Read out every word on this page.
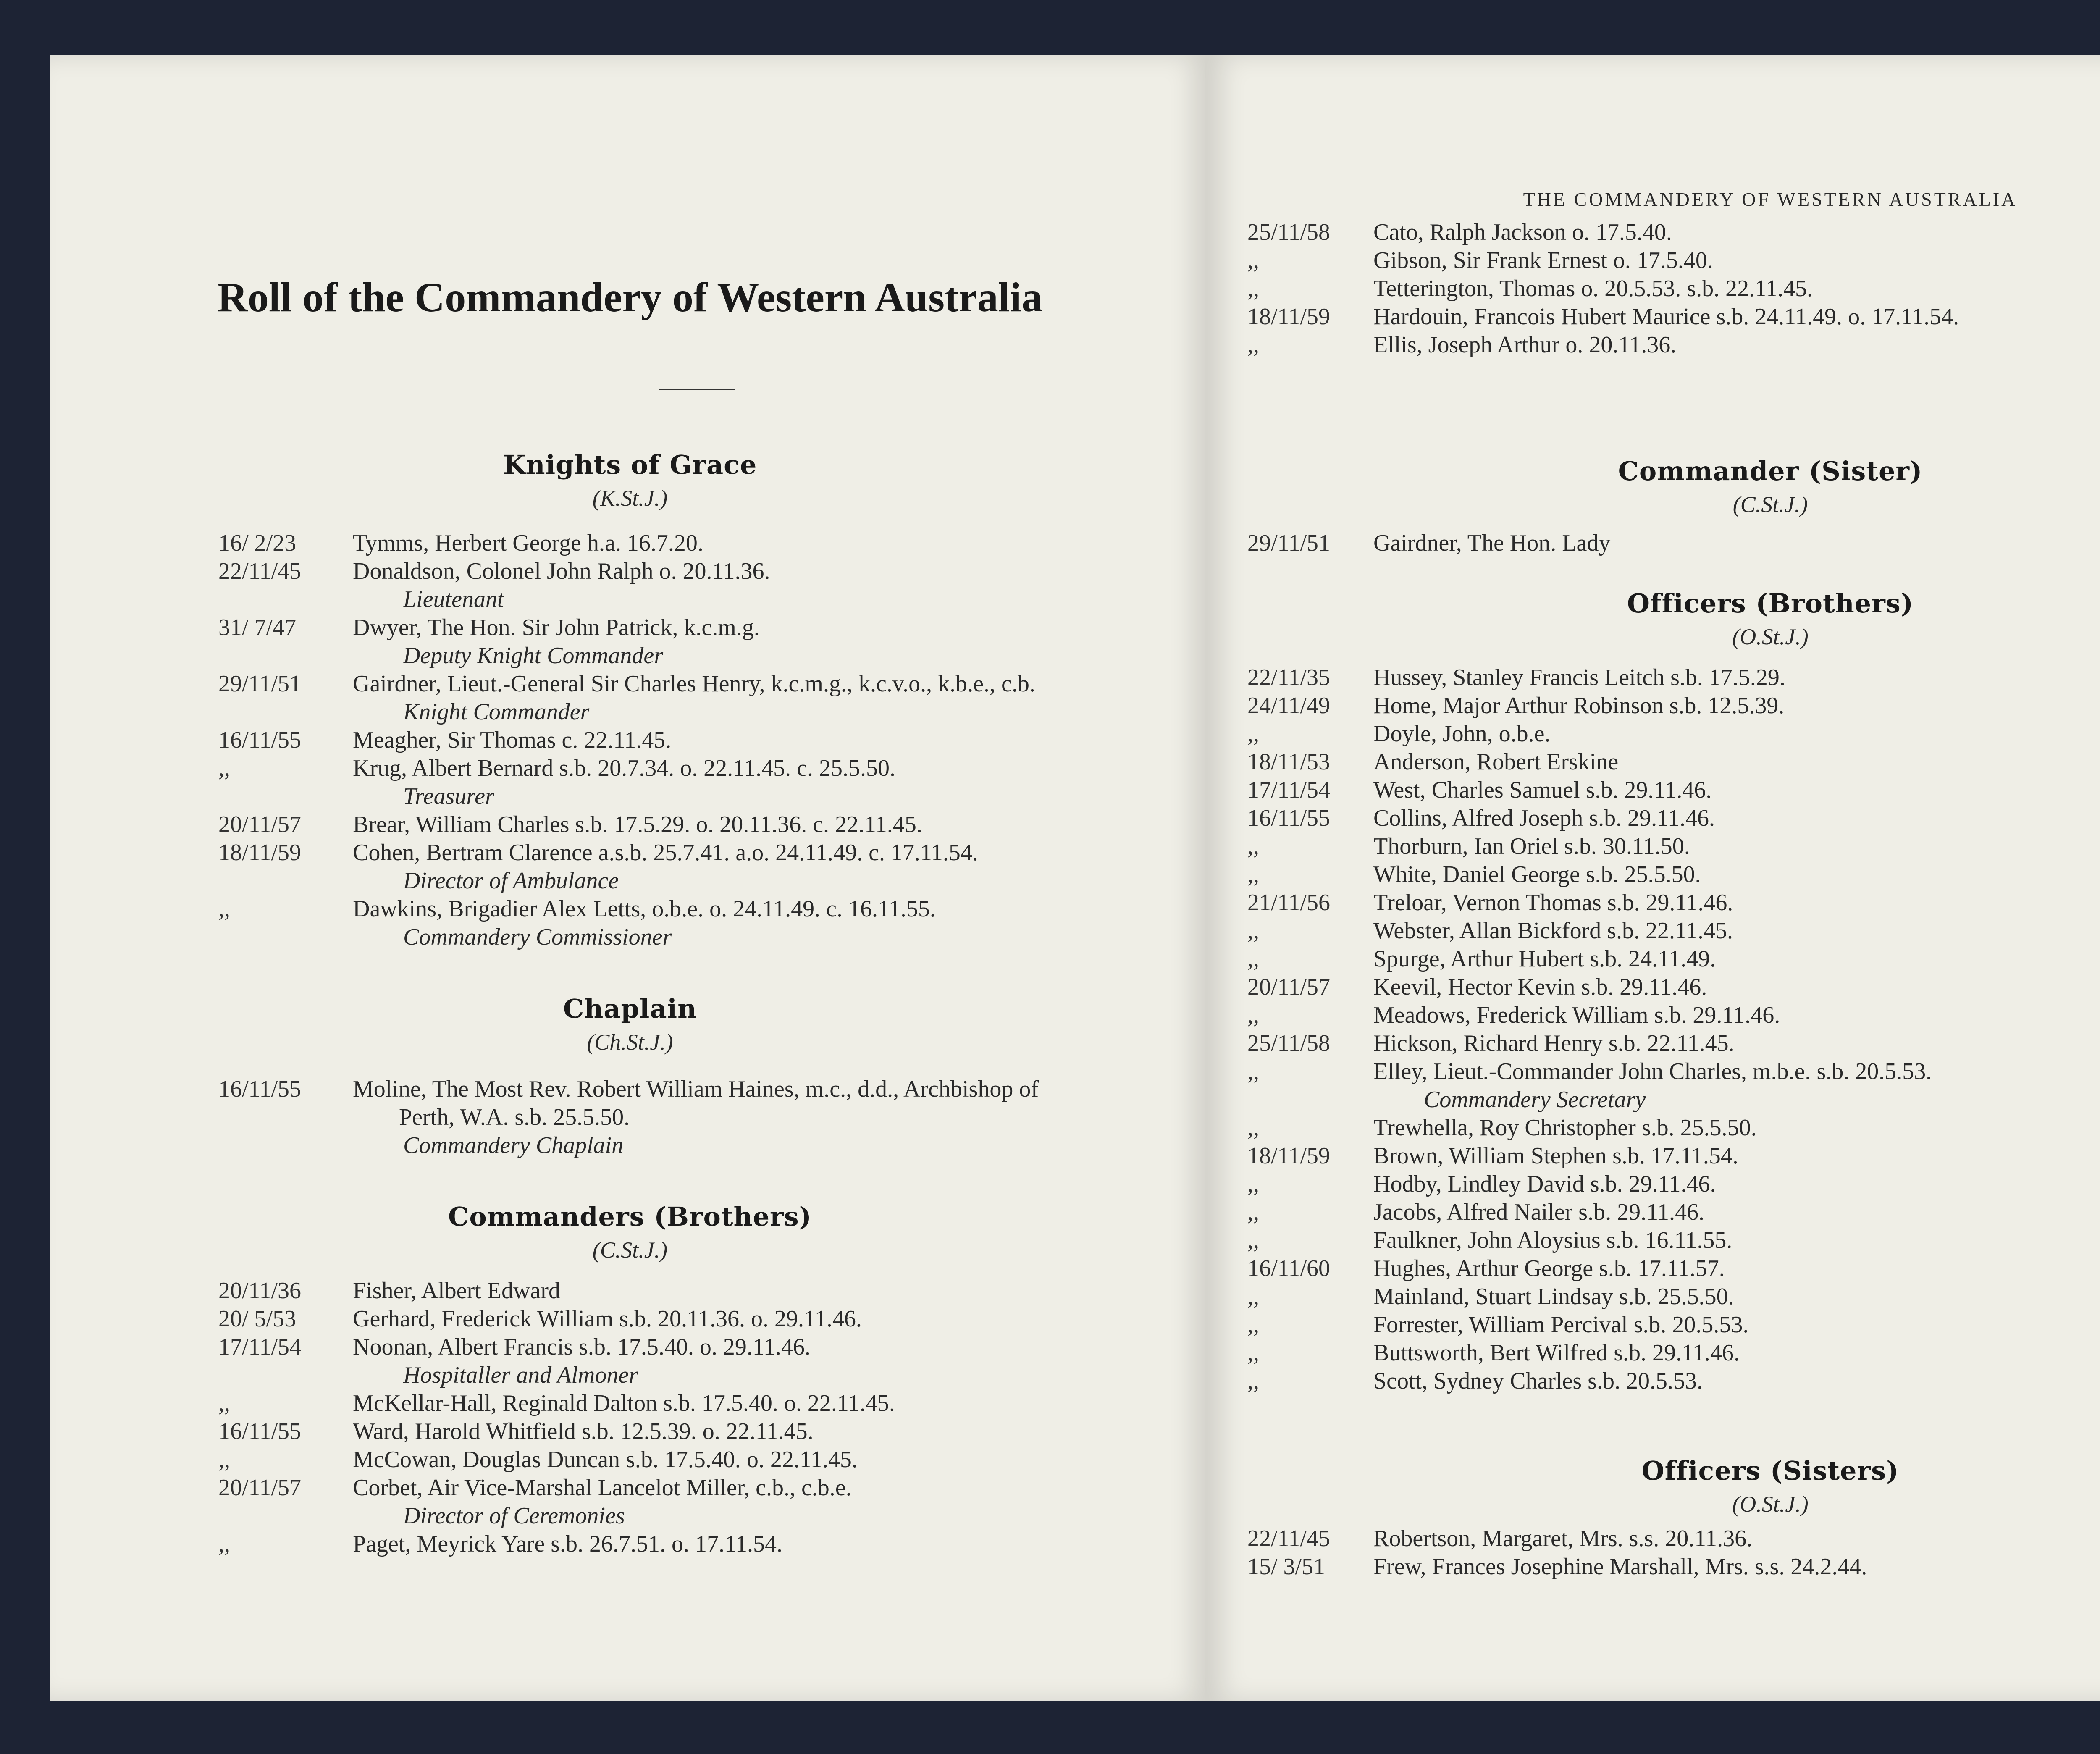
Roll of the Commandery of Western Australia
Knights of Grace
(K.St.J.)
16/ 2/23 Tymms, Herbert George h.a. 16.7.20.
22/11/45 Donaldson, Colonel John Ralph o. 20.11.36.
Lieutenant
31/ 7/47 Dwyer, The Hon. Sir John Patrick, k.c.m.g.
Deputy Knight Commander
29/11/51 Gairdner, Lieut.-General Sir Charles Henry, k.c.m.g., k.c.v.o., k.b.e., c.b.
Knight Commander
16/11/55 Meagher, Sir Thomas c. 22.11.45.
,,	Krug, Albert Bernard s.b. 20.7.34. o. 22.11.45. c. 25.5.50.
Treasurer
20/11/57 Brear, William Charles s.b. 17.5.29. o. 20.11.36. c. 22.11.45.
18/11/59 Cohen, Bertram Clarence a.s.b. 25.7.41. a.o. 24.11.49. c. 17.11.54.
Director of Ambulance
,,	Dawkins, Brigadier Alex Letts, o.b.e. o. 24.11.49. c. 16.11.55.
Commandery Commissioner
Chaplain
(Ch.St.J.)
16/11/55 Moline, The Most Rev. Robert William Haines, m.c., d.d., Archbishop of
Perth, W.A. s.b. 25.5.50.
Commandery Chaplain
Commanders (Brothers)
(C.St.J.)
20/11/36 Fisher, Albert Edward
20/ 5/53 Gerhard, Frederick William s.b. 20.11.36. o. 29.11.46.
17/11/54 Noonan, Albert Francis s.b. 17.5.40. o. 29.11.46.
Hospitaller and Almoner
,,	McKellar-Hall, Reginald Dalton s.b. 17.5.40. o. 22.11.45.
16/11/55 Ward, Harold Whitfield s.b. 12.5.39. o. 22.11.45.
,,	McCowan, Douglas Duncan s.b. 17.5.40. o. 22.11.45.
20/11/57 Corbet, Air Vice-Marshal Lancelot Miller, c.b., c.b.e.
Director of Ceremonies
,,	Paget, Meyrick Yare s.b. 26.7.51. o. 17.11.54.
THE COMMANDERY OF WESTERN AUSTRALIA
25/11/58 Cato, Ralph Jackson o. 17.5.40.
,,	Gibson, Sir Frank Ernest o. 17.5.40.
,,	Tetterington, Thomas o. 20.5.53. s.b. 22.11.45.
18/11/59 Hardouin, Francois Hubert Maurice s.b. 24.11.49. o. 17.11.54.
,,	Ellis, Joseph Arthur o. 20.11.36.
Commander (Sister)
(C.St.J.)
29/11/51 Gairdner, The Hon. Lady
Officers (Brothers)
(O.St.J.)
22/11/35 Hussey, Stanley Francis Leitch s.b. 17.5.29.
24/11/49 Home, Major Arthur Robinson s.b. 12.5.39.
,,	Doyle, John, o.b.e.
18/11/53 Anderson, Robert Erskine
17/11/54 West, Charles Samuel s.b. 29.11.46.
16/11/55 Collins, Alfred Joseph s.b. 29.11.46.
,,	Thorburn, Ian Oriel s.b. 30.11.50.
,,	White, Daniel George s.b. 25.5.50.
21/11/56 Treloar, Vernon Thomas s.b. 29.11.46.
,,	Webster, Allan Bickford s.b. 22.11.45.
,,	Spurge, Arthur Hubert s.b. 24.11.49.
20/11/57 Keevil, Hector Kevin s.b. 29.11.46.
,,	Meadows, Frederick William s.b. 29.11.46.
25/11/58 Hickson, Richard Henry s.b. 22.11.45.
,,	Elley, Lieut.-Commander John Charles, m.b.e. s.b. 20.5.53.
Commandery Secretary
,,	Trewhella, Roy Christopher s.b. 25.5.50.
18/11/59 Brown, William Stephen s.b. 17.11.54.
,,	Hodby, Lindley David s.b. 29.11.46.
,,	Jacobs, Alfred Nailer s.b. 29.11.46.
,,	Faulkner, John Aloysius s.b. 16.11.55.
16/11/60 Hughes, Arthur George s.b. 17.11.57.
,,	Mainland, Stuart Lindsay s.b. 25.5.50.
,,	Forrester, William Percival s.b. 20.5.53.
,,	Buttsworth, Bert Wilfred s.b. 29.11.46.
,,	Scott, Sydney Charles s.b. 20.5.53.
Officers (Sisters)
(O.St.J.)
22/11/45 Robertson, Margaret, Mrs. s.s. 20.11.36.
15/ 3/51 Frew, Frances Josephine Marshall, Mrs. s.s. 24.2.44.
